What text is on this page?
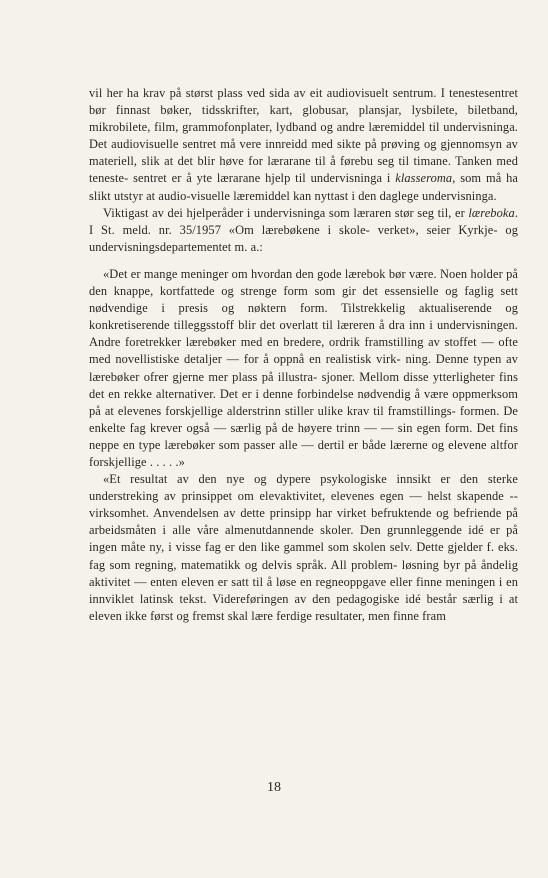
vil her ha krav på størst plass ved sida av eit audiovisuelt sentrum. I tenestesentret bør finnast bøker, tidsskrifter, kart, globusar, plansjar, lysbilete, biletband, mikrobilete, film, grammofonplater, lydband og andre læremiddel til undervisninga. Det audiovisuelle sentret må vere innreidd med sikte på prøving og gjennomsyn av materiell, slik at det blir høve for lærarane til å førebu seg til timane. Tanken med teneste- sentret er å yte lærarane hjelp til undervisninga i klasseroma, som må ha slikt utstyr at audio-visuelle læremiddel kan nyttast i den daglege undervisninga.

Viktigast av dei hjelperåder i undervisninga som læraren stør seg til, er læreboka. I St. meld. nr. 35/1957 «Om lærebøkene i skole- verket», seier Kyrkje- og undervisningsdepartementet m. a.:

«Det er mange meninger om hvordan den gode lærebok bør være. Noen holder på den knappe, kortfattede og strenge form som gir det essensielle og faglig sett nødvendige i presis og nøktern form. Tilstrekkelig aktualiserende og konkretiserende tilleggsstoff blir det overlatt til læreren å dra inn i undervisningen. Andre foretrekker lærebøker med en bredere, ordrik framstilling av stoffet — ofte med novellistiske detaljer — for å oppnå en realistisk virk- ning. Denne typen av lærebøker ofrer gjerne mer plass på illustra- sjoner. Mellom disse ytterligheter fins det en rekke alternativer. Det er i denne forbindelse nødvendig å være oppmerksom på at elevenes forskjellige alderstrinn stiller ulike krav til framstillings- formen. De enkelte fag krever også — særlig på de høyere trinn — — sin egen form. Det fins neppe en type lærebøker som passer alle — dertil er både lærerne og elevene altfor forskjellige . . . . .»

«Et resultat av den nye og dypere psykologiske innsikt er den sterke understreking av prinsippet om elevaktivitet, elevenes egen — helst skapende -- virksomhet. Anvendelsen av dette prinsipp har virket befruktende og befriende på arbeidsmåten i alle våre almenutdannende skoler. Den grunnleggende idé er på ingen måte ny, i visse fag er den like gammel som skolen selv. Dette gjelder f. eks. fag som regning, matematikk og delvis språk. All problem- løsning byr på åndelig aktivitet — enten eleven er satt til å løse en regneoppgave eller finne meningen i en innviklet latinsk tekst. Videreføringen av den pedagogiske idé består særlig i at eleven ikke først og fremst skal lære ferdige resultater, men finne fram

18
